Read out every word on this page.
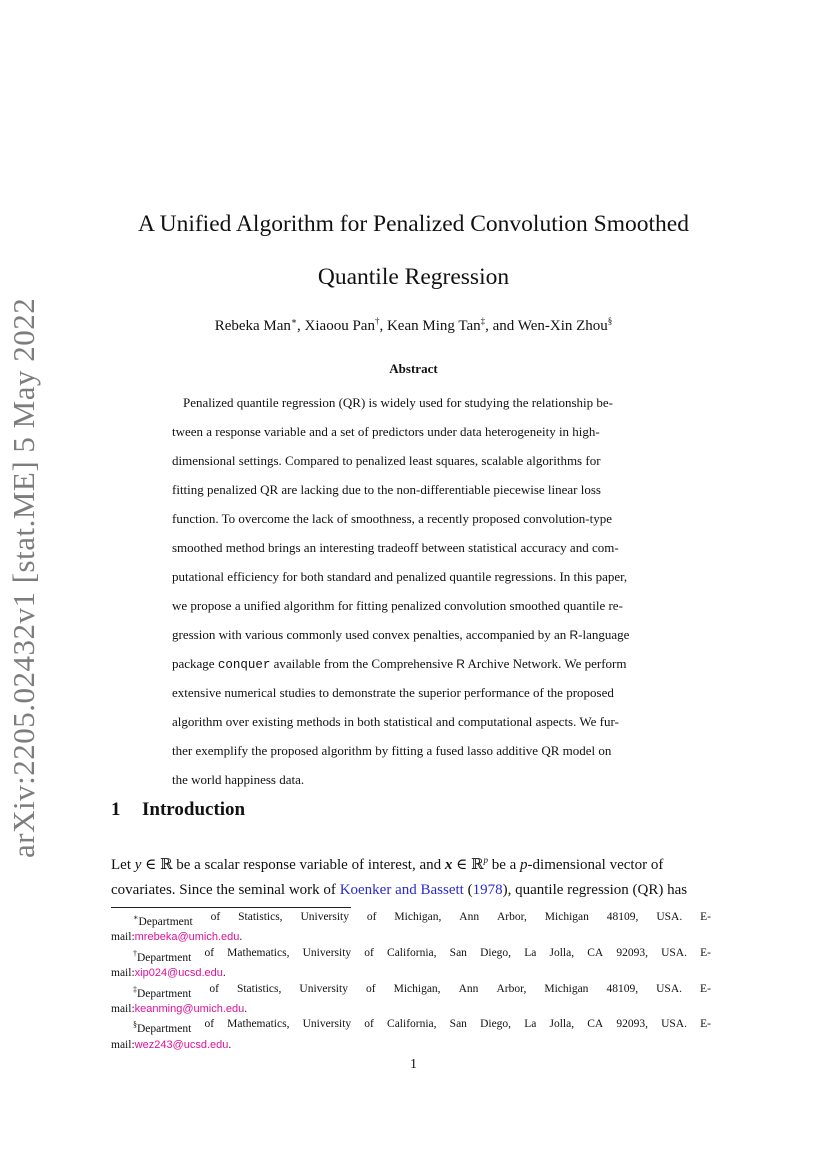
arXiv:2205.02432v1 [stat.ME] 5 May 2022
A Unified Algorithm for Penalized Convolution Smoothed
Quantile Regression
Rebeka Man∗, Xiaoou Pan†, Kean Ming Tan‡, and Wen-Xin Zhou§
Abstract
Penalized quantile regression (QR) is widely used for studying the relationship be-
tween a response variable and a set of predictors under data heterogeneity in high-
dimensional settings. Compared to penalized least squares, scalable algorithms for
fitting penalized QR are lacking due to the non-differentiable piecewise linear loss
function. To overcome the lack of smoothness, a recently proposed convolution-type
smoothed method brings an interesting tradeoff between statistical accuracy and com-
putational efficiency for both standard and penalized quantile regressions. In this paper,
we propose a unified algorithm for fitting penalized convolution smoothed quantile re-
gression with various commonly used convex penalties, accompanied by an R-language
package conquer available from the Comprehensive R Archive Network. We perform
extensive numerical studies to demonstrate the superior performance of the proposed
algorithm over existing methods in both statistical and computational aspects. We fur-
ther exemplify the proposed algorithm by fitting a fused lasso additive QR model on
the world happiness data.
1 Introduction
Let y ∈ ℝ be a scalar response variable of interest, and x ∈ ℝ$^p$ be a p-dimensional vector of
covariates. Since the seminal work of Koenker and Bassett (1978), quantile regression (QR) has
∗Department of Statistics, University of Michigan, Ann Arbor, Michigan 48109, USA. E-
mail:mrebeka@umich.edu.
†Department of Mathematics, University of California, San Diego, La Jolla, CA 92093, USA. E-
mail:xip024@ucsd.edu.
‡Department of Statistics, University of Michigan, Ann Arbor, Michigan 48109, USA. E-
mail:keanming@umich.edu.
§Department of Mathematics, University of California, San Diego, La Jolla, CA 92093, USA. E-
mail:wez243@ucsd.edu.
1
